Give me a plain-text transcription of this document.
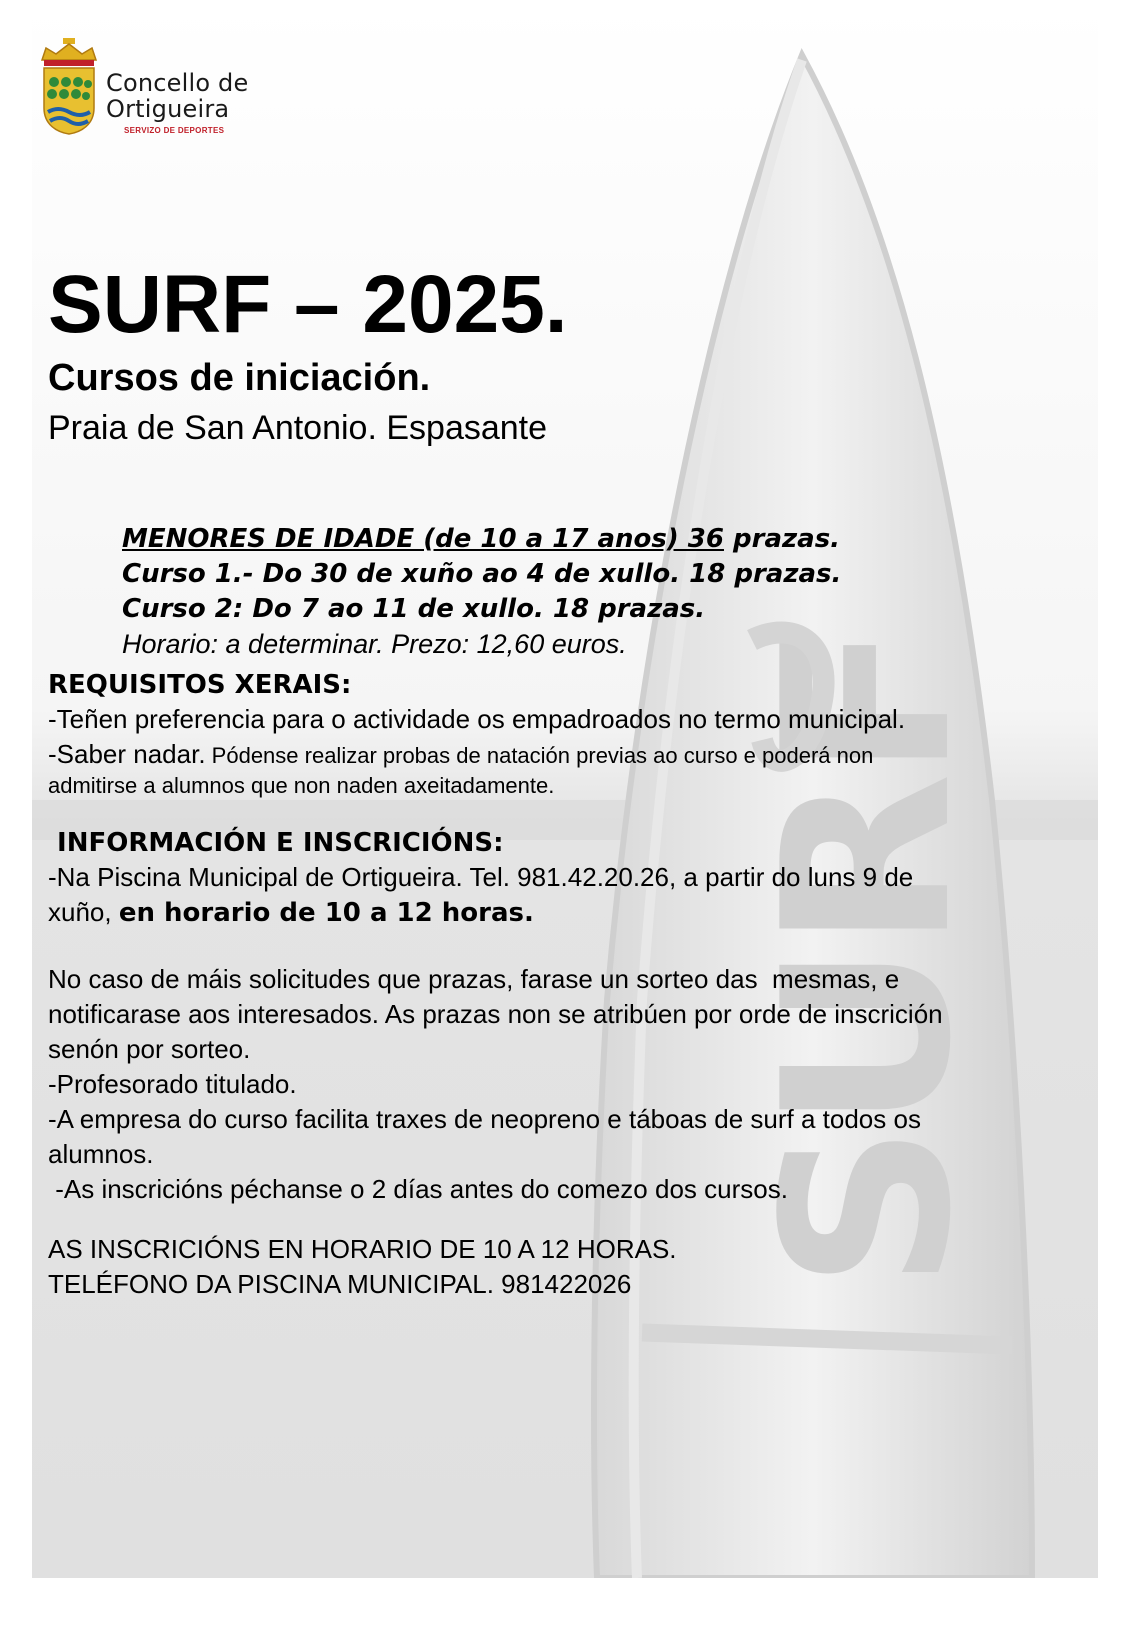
SURF
Concello de
Ortigueira
SERVIZO DE DEPORTES
SURF – 2025.
Cursos de iniciación.
Praia de San Antonio. Espasante
MENORES DE IDADE (de 10 a 17 anos) 36 prazas.
Curso 1.- Do 30 de xuño ao 4 de xullo. 18 prazas.
Curso 2: Do 7 ao 11 de xullo. 18 prazas.
Horario: a determinar. Prezo: 12,60 euros.
REQUISITOS XERAIS:
-Teñen preferencia para o actividade os empadroados no termo municipal.
-Saber nadar. Pódense realizar probas de natación previas ao curso e poderá non
admitirse a alumnos que non naden axeitadamente.
INFORMACIÓN E INSCRICIÓNS:
-Na Piscina Municipal de Ortigueira. Tel. 981.42.20.26, a partir do luns 9 de
xuño, en horario de 10 a 12 horas.
No caso de máis solicitudes que prazas, farase un sorteo das  mesmas, e
notificarase aos interesados. As prazas non se atribúen por orde de inscrición
senón por sorteo.
-Profesorado titulado.
-A empresa do curso facilita traxes de neopreno e táboas de surf a todos os
alumnos.
-As inscricións péchanse o 2 días antes do comezo dos cursos.
AS INSCRICIÓNS EN HORARIO DE 10 A 12 HORAS.
TELÉFONO DA PISCINA MUNICIPAL. 981422026
